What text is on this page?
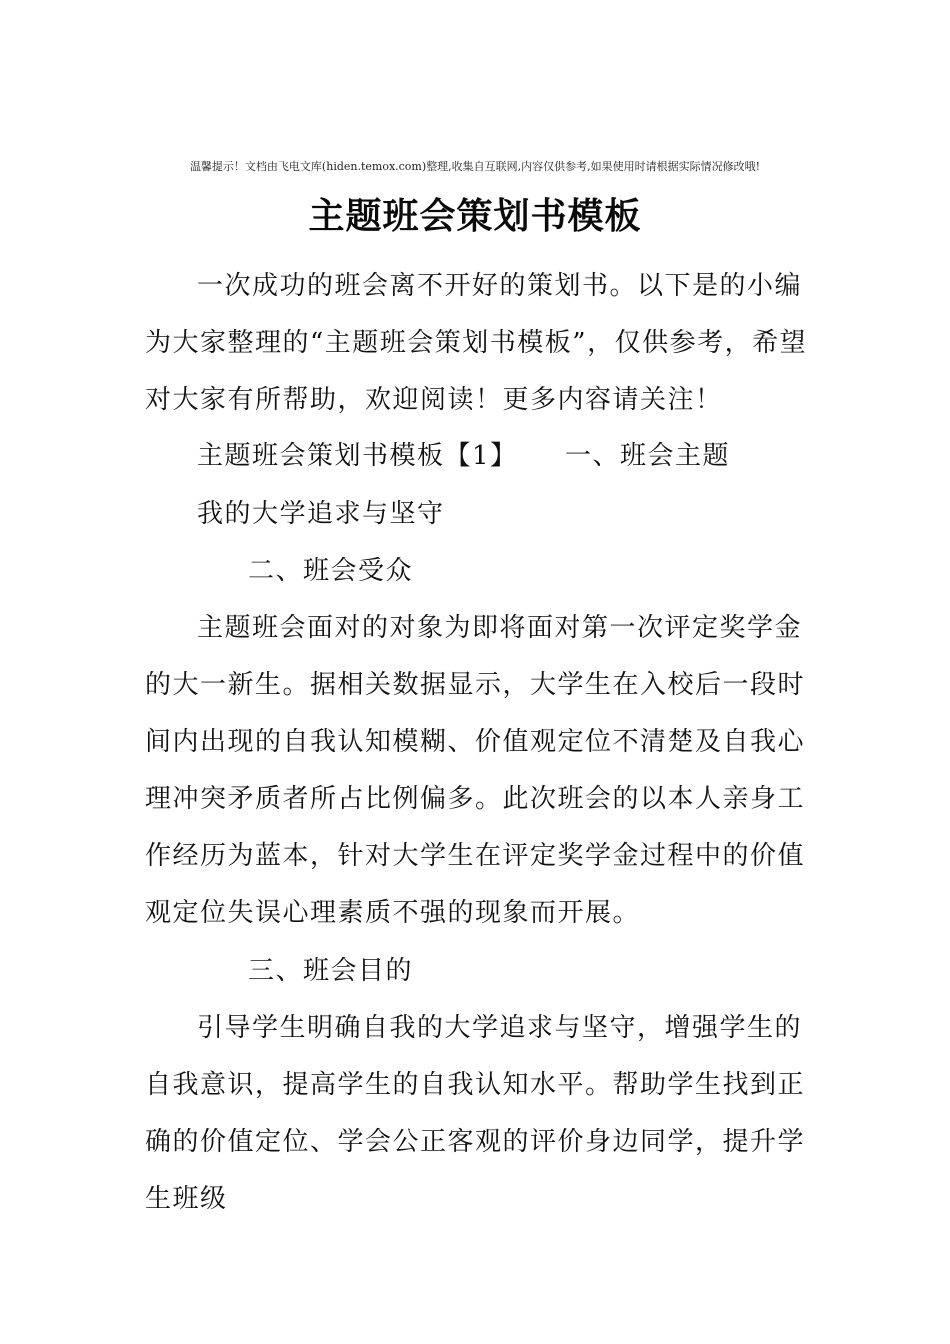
温馨提示！文档由飞电文库(hiden.temox.com)整理,收集自互联网,内容仅供参考,如果使用时请根据实际情况修改哦!
主题班会策划书模板
一次成功的班会离不开好的策划书。以下是的小编为大家整理的“主题班会策划书模板”，仅供参考，希望对大家有所帮助，欢迎阅读！更多内容请关注！
主题班会策划书模板【1】 一、班会主题
我的大学追求与坚守
二、班会受众
主题班会面对的对象为即将面对第一次评定奖学金的大一新生。据相关数据显示，大学生在入校后一段时间内出现的自我认知模糊、价值观定位不清楚及自我心理冲突矛质者所占比例偏多。此次班会的以本人亲身工作经历为蓝本，针对大学生在评定奖学金过程中的价值观定位失误心理素质不强的现象而开展。
三、班会目的
引导学生明确自我的大学追求与坚守，增强学生的自我意识，提高学生的自我认知水平。帮助学生找到正确的价值定位、学会公正客观的评价身边同学，提升学生班级
